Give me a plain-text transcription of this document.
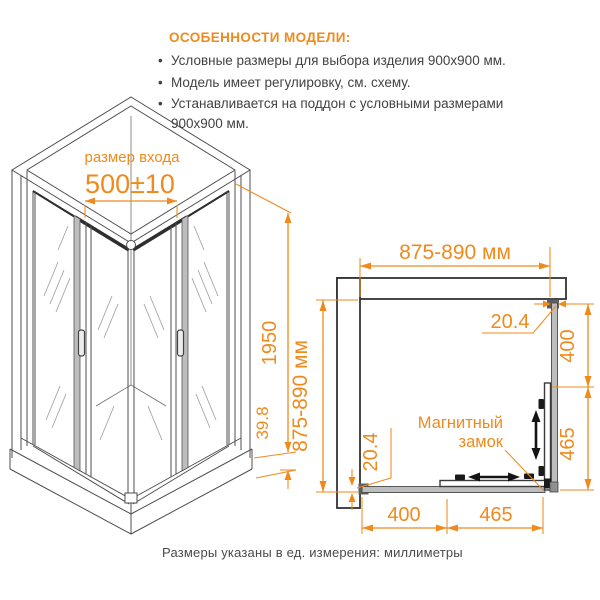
размер входа
500±10
1950
39.8
875-890 мм
875-890 мм	400
465
400	465
20.4
20.4
Магнитный
замок

ОСОБЕННОСТИ МОДЕЛИ:

• Условные размеры для выбора изделия 900х900 мм.
• Модель имеет регулировку, см. схему.
• Устанавливается на поддон с условными размерами 900х900 мм.
Размеры указаны в ед. измерения: миллиметры
